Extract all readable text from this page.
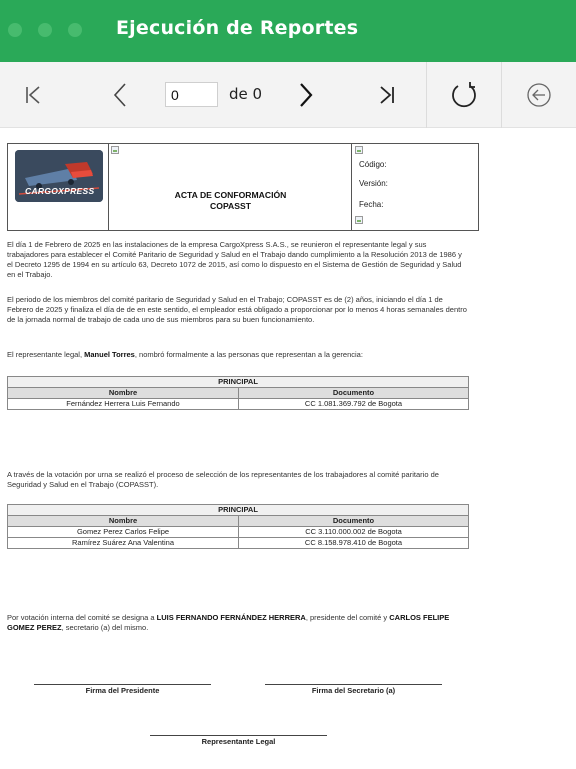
Ejecución de Reportes
0
de 0
CARGOXPRESS	ACTA DE CONFORMACIÓN
COPASST
Código:
Versión:
Fecha:
El día 1 de Febrero de 2025 en las instalaciones de la empresa CargoXpress S.A.S., se reunieron el representante legal y sus trabajadores para establecer el Comité Paritario de Seguridad y Salud en el Trabajo dando cumplimiento a la Resolución 2013 de 1986 y el Decreto 1295 de 1994 en su artículo 63, Decreto 1072 de 2015, así como lo dispuesto en el Sistema de Gestión de Seguridad y Salud en el Trabajo.
El periodo de los miembros del comité paritario de Seguridad y Salud en el Trabajo; COPASST es de (2) años, iniciando el día 1 de Febrero de 2025 y finaliza el día de de en este sentido, el empleador está obligado a proporcionar por lo menos 4 horas semanales dentro de la jornada normal de trabajo de cada uno de sus miembros para su buen funcionamiento.
El representante legal, Manuel Torres, nombró formalmente a las personas que representan a la gerencia:
PRINCIPAL	
Nombre	Documento
Fernández Herrera Luis Fernando	CC 1.081.369.792 de Bogota
A través de la votación por urna se realizó el proceso de selección de los representantes de los trabajadores al comité paritario de Seguridad y Salud en el Trabajo (COPASST).
PRINCIPAL	
Nombre	Documento
Gomez Perez Carlos Felipe	CC 3.110.000.002 de Bogota
Ramírez Suárez Ana Valentina	CC 8.158.978.410 de Bogota
Por votación interna del comité se designa a LUIS FERNANDO FERNÁNDEZ HERRERA, presidente del comité y CARLOS FELIPE GOMEZ PEREZ, secretario (a) del mismo.
Firma del Presidente	Firma del Secretario (a)
Representante Legal
